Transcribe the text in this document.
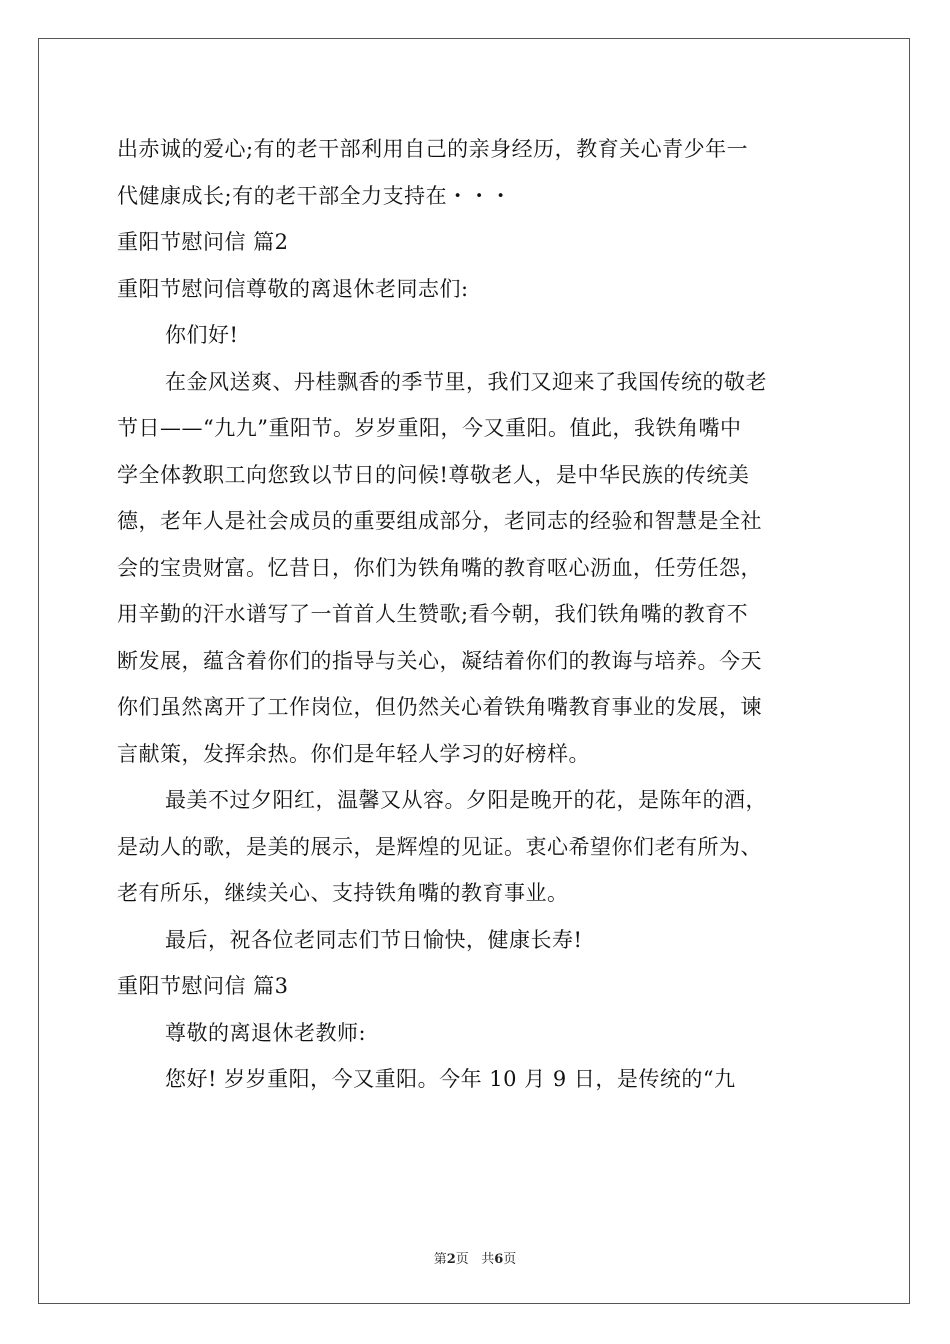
出赤诚的爱心;有的老干部利用自己的亲身经历，教育关心青少年一
代健康成长;有的老干部全力支持在・・・
重阳节慰问信 篇2
重阳节慰问信尊敬的离退休老同志们:
你们好!
在金风送爽、丹桂飘香的季节里，我们又迎来了我国传统的敬老
节日——“九九”重阳节。岁岁重阳，今又重阳。值此，我铁角嘴中
学全体教职工向您致以节日的问候!尊敬老人，是中华民族的传统美
德，老年人是社会成员的重要组成部分，老同志的经验和智慧是全社
会的宝贵财富。忆昔日，你们为铁角嘴的教育呕心沥血，任劳任怨，
用辛勤的汗水谱写了一首首人生赞歌;看今朝，我们铁角嘴的教育不
断发展，蕴含着你们的指导与关心，凝结着你们的教诲与培养。今天
你们虽然离开了工作岗位，但仍然关心着铁角嘴教育事业的发展，谏
言献策，发挥余热。你们是年轻人学习的好榜样。
最美不过夕阳红，温馨又从容。夕阳是晚开的花，是陈年的酒，
是动人的歌，是美的展示，是辉煌的见证。衷心希望你们老有所为、
老有所乐，继续关心、支持铁角嘴的教育事业。
最后，祝各位老同志们节日愉快，健康长寿!
重阳节慰问信 篇3
尊敬的离退休老教师:
您好! 岁岁重阳，今又重阳。今年 10 月 9 日，是传统的“九
第2页 共6页
